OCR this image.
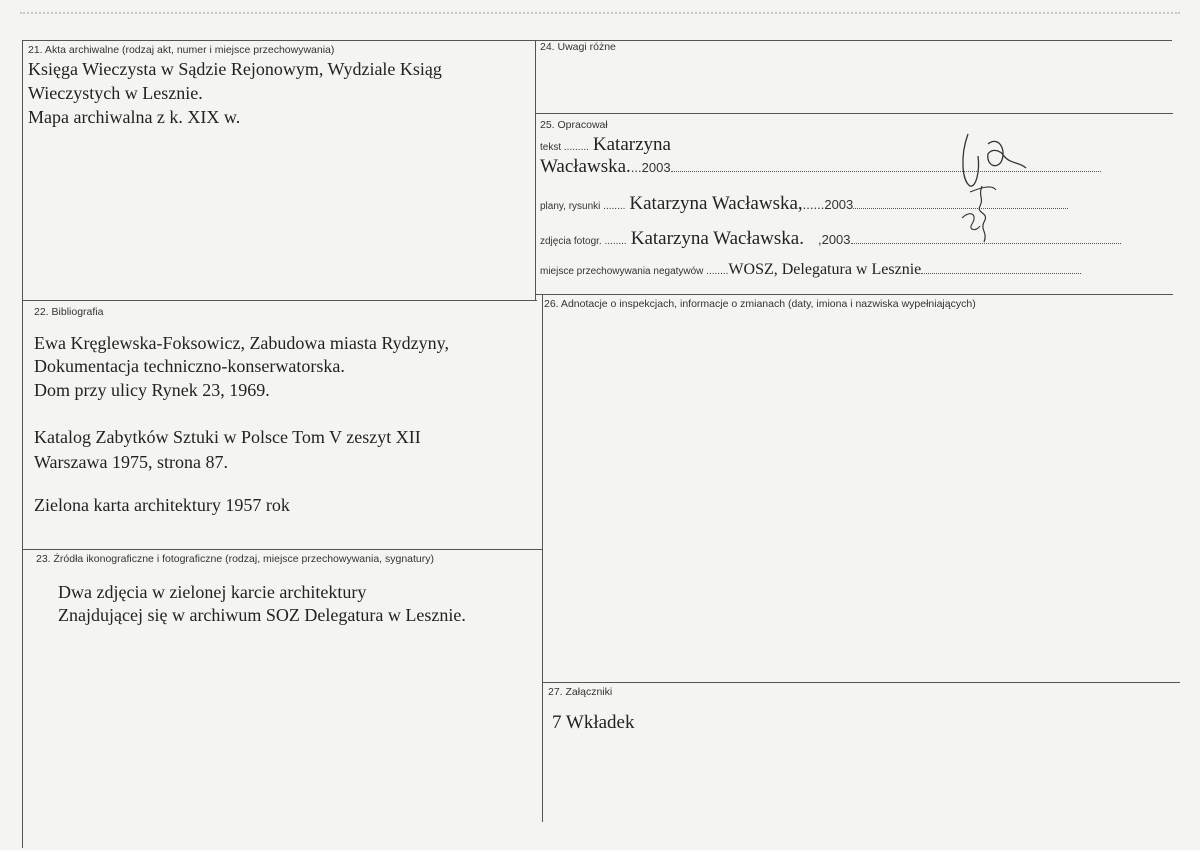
21. Akta archiwalne (rodzaj akt, numer i miejsce przechowywania)
Księga Wieczysta w Sądzie Rejonowym, Wydziale Ksiąg
Wieczystych w Lesznie.
Mapa archiwalna z k. XIX w.
24. Uwagi różne
25. Opracował
tekst ......... Katarzyna
Wacławska....2003
plany, rysunki ........ Katarzyna Wacławska,......2003
zdjęcia fotogr. ........ Katarzyna Wacławska. ,2003
miejsce przechowywania negatywów ........WOSZ, Delegatura w Lesznie
22. Bibliografia
Ewa Kręglewska-Foksowicz, Zabudowa miasta Rydzyny,
Dokumentacja techniczno-konserwatorska.
Dom przy ulicy Rynek 23, 1969.
Katalog Zabytków Sztuki w Polsce Tom V zeszyt XII
Warszawa 1975, strona 87.
Zielona karta architektury 1957 rok
23. Źródła ikonograficzne i fotograficzne (rodzaj, miejsce przechowywania, sygnatury)
Dwa zdjęcia w zielonej karcie architektury
Znajdującej się w archiwum SOZ Delegatura w Lesznie.
26. Adnotacje o inspekcjach, informacje o zmianach (daty, imiona i nazwiska wypełniających)
27. Załączniki
7 Wkładek
